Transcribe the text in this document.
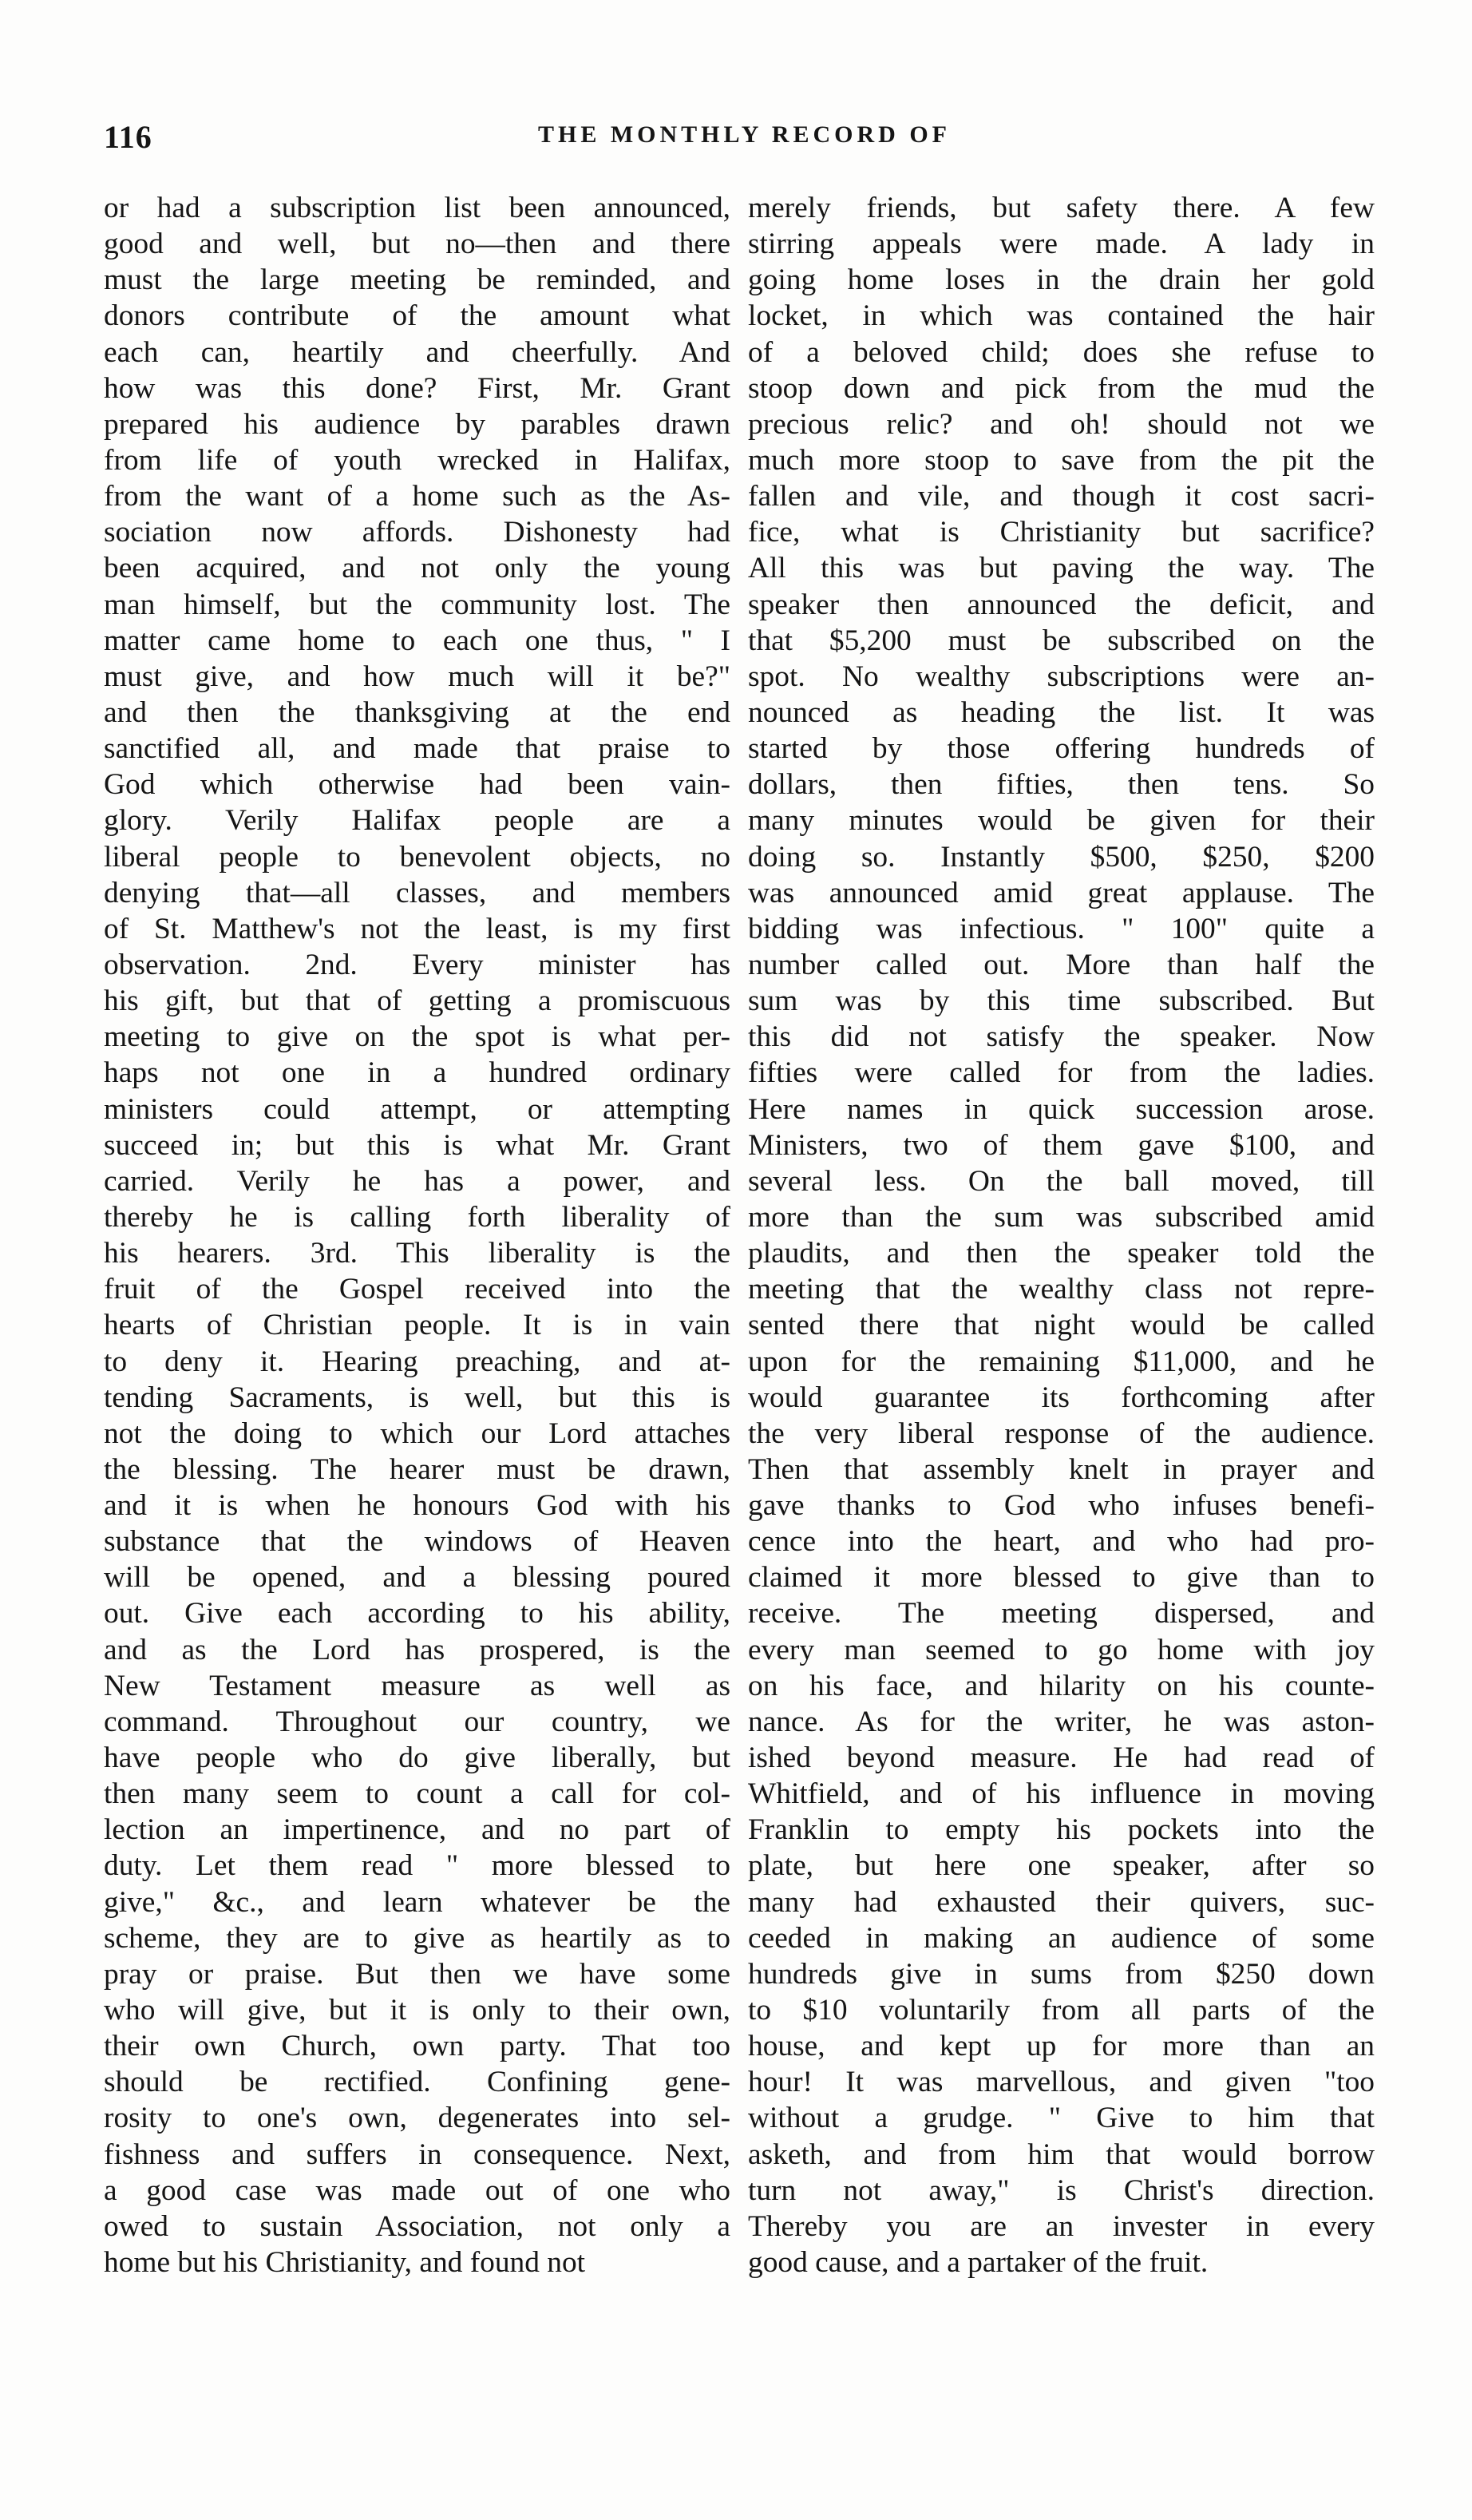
116	THE MONTHLY RECORD OF
or had a subscription list been announced,
good and well, but no—then and there
must the large meeting be reminded, and
donors contribute of the amount what
each can, heartily and cheerfully. And
how was this done? First, Mr. Grant
prepared his audience by parables drawn
from life of youth wrecked in Halifax,
from the want of a home such as the As-
sociation now affords. Dishonesty had
been acquired, and not only the young
man himself, but the community lost. The
matter came home to each one thus, " I
must give, and how much will it be?"
and then the thanksgiving at the end
sanctified all, and made that praise to
God which otherwise had been vain-
glory. Verily Halifax people are a
liberal people to benevolent objects, no
denying that—all classes, and members
of St. Matthew's not the least, is my first
observation. 2nd. Every minister has
his gift, but that of getting a promiscuous
meeting to give on the spot is what per-
haps not one in a hundred ordinary
ministers could attempt, or attempting
succeed in; but this is what Mr. Grant
carried. Verily he has a power, and
thereby he is calling forth liberality of
his hearers. 3rd. This liberality is the
fruit of the Gospel received into the
hearts of Christian people. It is in vain
to deny it. Hearing preaching, and at-
tending Sacraments, is well, but this is
not the doing to which our Lord attaches
the blessing. The hearer must be drawn,
and it is when he honours God with his
substance that the windows of Heaven
will be opened, and a blessing poured
out. Give each according to his ability,
and as the Lord has prospered, is the
New Testament measure as well as
command. Throughout our country, we
have people who do give liberally, but
then many seem to count a call for col-
lection an impertinence, and no part of
duty. Let them read " more blessed to
give," &c., and learn whatever be the
scheme, they are to give as heartily as to
pray or praise. But then we have some
who will give, but it is only to their own,
their own Church, own party. That too
should be rectified. Confining gene-
rosity to one's own, degenerates into sel-
fishness and suffers in consequence. Next,
a good case was made out of one who
owed to sustain Association, not only a
home but his Christianity, and found not
merely friends, but safety there. A few
stirring appeals were made. A lady in
going home loses in the drain her gold
locket, in which was contained the hair
of a beloved child; does she refuse to
stoop down and pick from the mud the
precious relic? and oh! should not we
much more stoop to save from the pit the
fallen and vile, and though it cost sacri-
fice, what is Christianity but sacrifice?
All this was but paving the way. The
speaker then announced the deficit, and
that $5,200 must be subscribed on the
spot. No wealthy subscriptions were an-
nounced as heading the list. It was
started by those offering hundreds of
dollars, then fifties, then tens. So
many minutes would be given for their
doing so. Instantly $500, $250, $200
was announced amid great applause. The
bidding was infectious. " 100" quite a
number called out. More than half the
sum was by this time subscribed. But
this did not satisfy the speaker. Now
fifties were called for from the ladies.
Here names in quick succession arose.
Ministers, two of them gave $100, and
several less. On the ball moved, till
more than the sum was subscribed amid
plaudits, and then the speaker told the
meeting that the wealthy class not repre-
sented there that night would be called
upon for the remaining $11,000, and he
would guarantee its forthcoming after
the very liberal response of the audience.
Then that assembly knelt in prayer and
gave thanks to God who infuses benefi-
cence into the heart, and who had pro-
claimed it more blessed to give than to
receive. The meeting dispersed, and
every man seemed to go home with joy
on his face, and hilarity on his counte-
nance. As for the writer, he was aston-
ished beyond measure. He had read of
Whitfield, and of his influence in moving
Franklin to empty his pockets into the
plate, but here one speaker, after so
many had exhausted their quivers, suc-
ceeded in making an audience of some
hundreds give in sums from $250 down
to $10 voluntarily from all parts of the
house, and kept up for more than an
hour! It was marvellous, and given "too
without a grudge. " Give to him that
asketh, and from him that would borrow
turn not away," is Christ's direction.
Thereby you are an invester in every
good cause, and a partaker of the fruit.
